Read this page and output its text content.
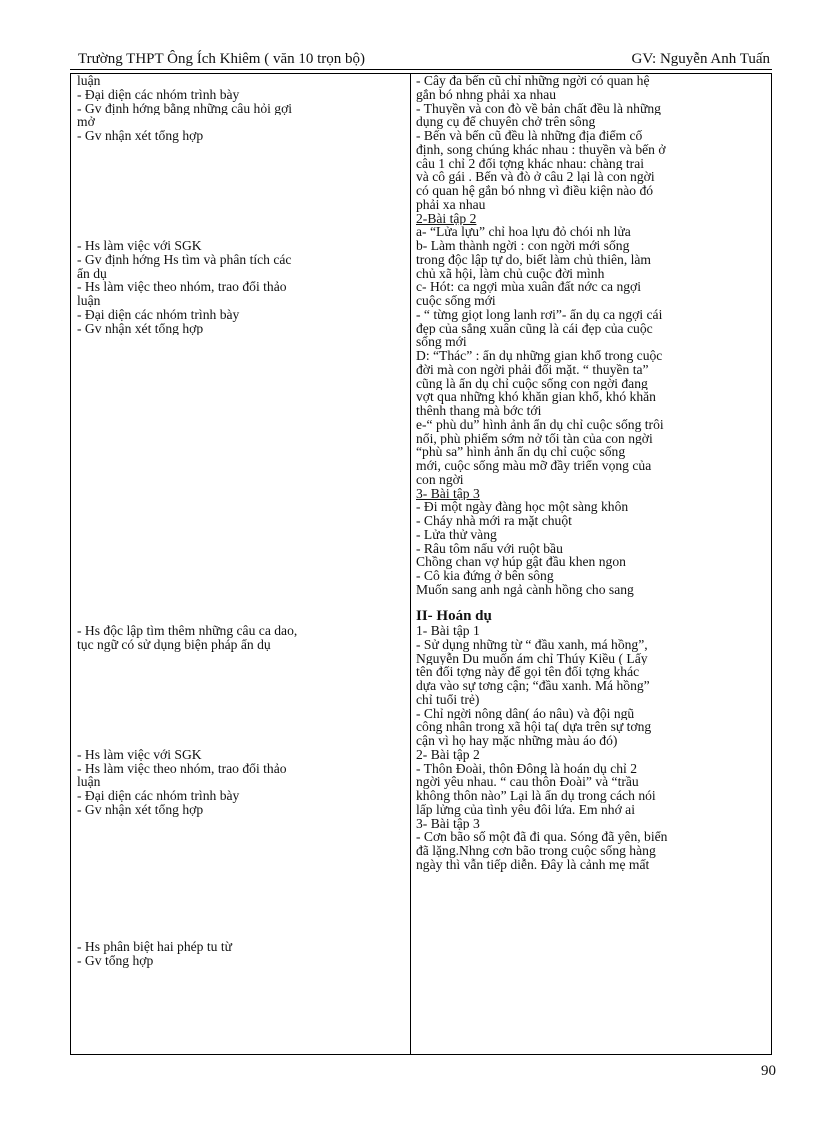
Trường THPT Ông Ích Khiêm ( văn 10 trọn bộ)	GV: Nguyễn Anh Tuấn
luận
- Đại diện các nhóm trình bày
- Gv định hớng bằng những câu hỏi gợi
mở
- Gv nhận xét tổng hợp
- Hs làm việc với SGK
- Gv định hớng Hs tìm và phân tích các
ẩn dụ
- Hs làm việc theo nhóm, trao đổi thảo
luận
- Đại diện các nhóm trình bày
- Gv nhận xét tổng hợp
- Hs độc lập tìm thêm những câu ca dao,
tục ngữ có sử dụng biện pháp ẩn dụ
- Hs làm việc với SGK
- Hs làm việc theo nhóm, trao đổi thảo
luận
- Đại diện các nhóm trình bày
- Gv nhận xét tổng hợp
- Hs phân biệt hai phép tu từ
- Gv tổng hợp
- Cây đa bến cũ chỉ những ngời có quan hệ
gắn bó nhng phải xa nhau
- Thuyền và con đò về bản chất đều là những
dụng cụ để chuyên chở trên sông
- Bến và bến cũ đều là những địa điểm cố
định, song chúng khác nhau : thuyền và bến ở
câu 1 chỉ 2 đối tợng khác nhau: chàng trai
và cô gái . Bến và đò ở câu 2 lại là con ngời
có quan hệ gắn bó nhng vì điều kiện nào đó
phải xa nhau
2-Bài tập 2
a- “Lửa lựu” chỉ hoa lựu đỏ chói nh lửa
b- Làm thành ngời : con ngời mới sống
trong độc lập tự do, biết làm chủ thiên, làm
chủ xã hội, làm chủ cuộc đời mình
c- Hót: ca ngợi mùa xuân đất nớc ca ngợi
cuộc sống mới
- “ từng giọt long lanh rơi”- ẩn dụ ca ngợi cái
đẹp của sắng xuân cũng là cái đẹp của cuộc
sống mới
D: “Thác” : ẩn dụ những gian khổ trong cuộc
đời mà con ngời phải đối mặt. “ thuyền ta”
cũng là ẩn dụ chỉ cuộc sống con ngời đang
vợt qua những khó khăn gian khổ, khó khăn
thênh thang mà bớc tới
e-“ phù du” hình ảnh ẩn dụ chỉ cuộc sống trôi
nổi, phù phiếm sớm nở tối tàn của con ngời
“phù sa” hình ảnh ẩn dụ chỉ cuộc sống
mới, cuộc sống màu mỡ đầy triển vọng của
con ngời
3- Bài tập 3
- Đi một ngày đàng học một sàng khôn
- Cháy nhà mới ra mặt chuột
- Lửa thử vàng
- Râu tôm nấu với ruột bầu
Chồng chan vợ húp gật đầu khen ngon
- Cô kia đứng ở bên sông
Muốn sang anh ngả cành hồng cho sang
II- Hoán dụ
1- Bài tập 1
- Sử dụng những từ “ đầu xanh, má hồng”,
Nguyễn Du muốn ám chỉ Thúy Kiều ( Lấy
tên đối tợng này để gọi tên đối tợng khác
dựa vào sự tơng cận; “đầu xanh. Má hồng”
chỉ tuổi trẻ)
- Chỉ ngời nông dân( áo nâu) và đội ngũ
công nhân trong xã hội ta( dựa trên sự tơng
cận vì họ hay mặc những màu áo đó)
2- Bài tập 2
- Thôn Đoài, thôn Đông là hoán dụ chỉ 2
ngời yêu nhau. “ cau thôn Đoài” và “trầu
không thôn nào” Lại là ẩn dụ trong cách nói
lấp lửng của tình yêu đôi lứa. Em nhớ ai
3- Bài tập 3
- Cơn bão số một đã đi qua. Sóng đã yên, biển
đã lặng.Nhng cơn bão trong cuộc sống hàng
ngày thì vẫn tiếp diễn. Đây là cảnh mẹ mất
90
